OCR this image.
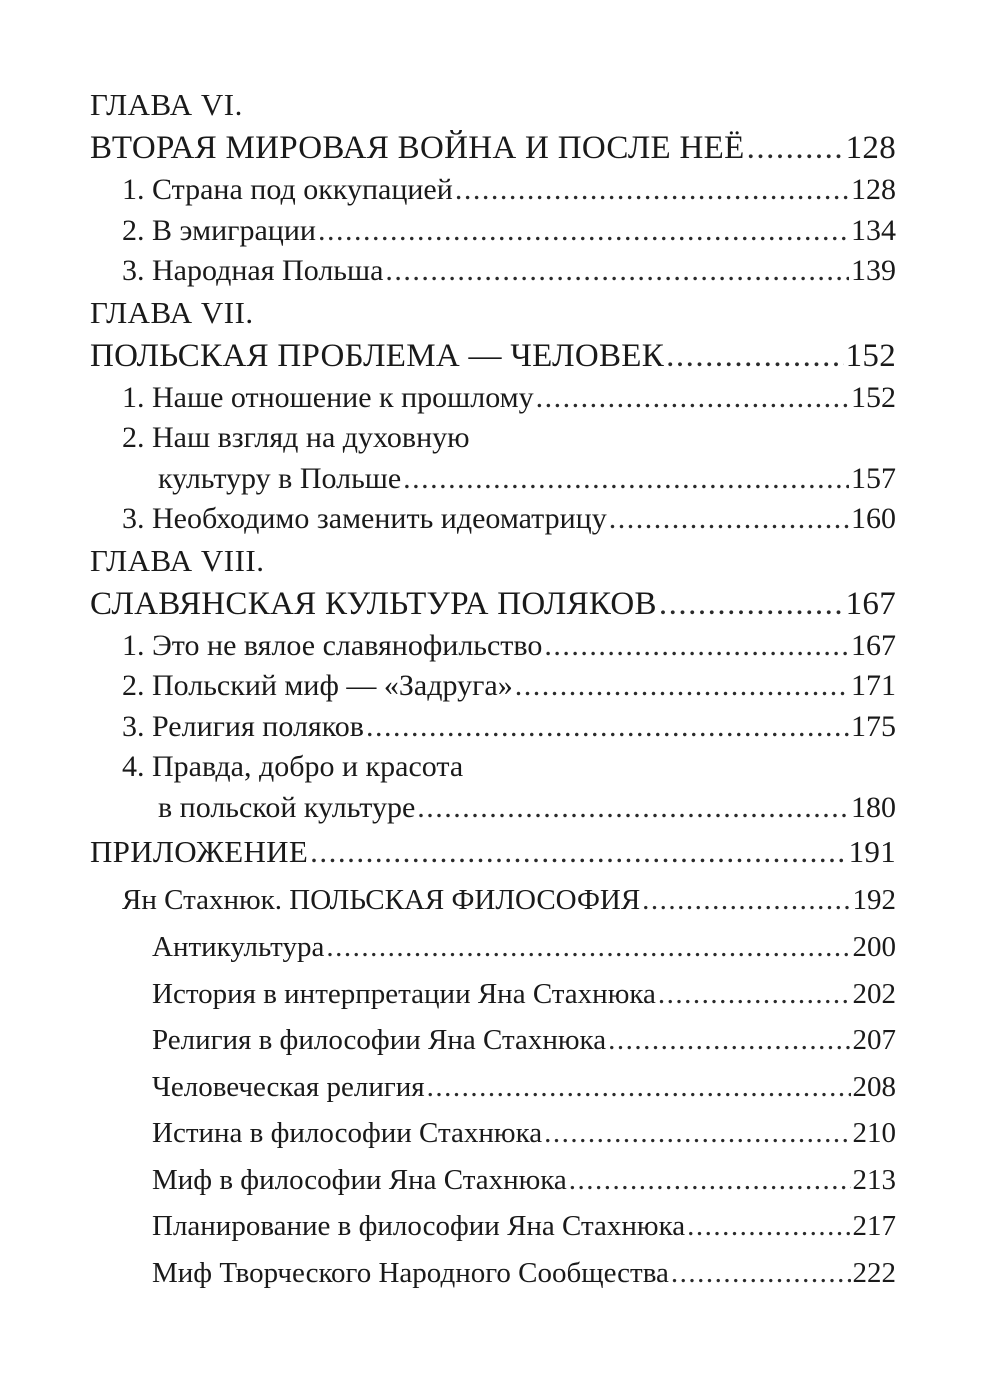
ГЛАВА VI.
ВТОРАЯ МИРОВАЯ ВОЙНА И ПОСЛЕ НЕЁ .....	128
1. Страна под оккупацией .....	128
2. В эмиграции .....	134
3. Народная Польша .....	139
ГЛАВА VII.
ПОЛЬСКАЯ ПРОБЛЕМА — ЧЕЛОВЕК .....	152
1. Наше отношение к прошлому .....	152
2. Наш взгляд на духовную
культуру в Польше .....	157
3. Необходимо заменить идеоматрицу .....	160
ГЛАВА VIII.
СЛАВЯНСКАЯ КУЛЬТУРА ПОЛЯКОВ .....	167
1. Это не вялое славянофильство .....	167
2. Польский миф — «Задруга» .....	171
3. Религия поляков .....	175
4. Правда, добро и красота
в польской культуре .....	180
ПРИЛОЖЕНИЕ .....	191
Ян Стахнюк. ПОЛЬСКАЯ ФИЛОСОФИЯ .....	192
Антикультура .....	200
История в интерпретации Яна Стахнюка .....	202
Религия в философии Яна Стахнюка .....	207
Человеческая религия .....	208
Истина в философии Стахнюка .....	210
Миф в философии Яна Стахнюка .....	213
Планирование в философии Яна Стахнюка .....	217
Миф Творческого Народного Сообщества .....	222
